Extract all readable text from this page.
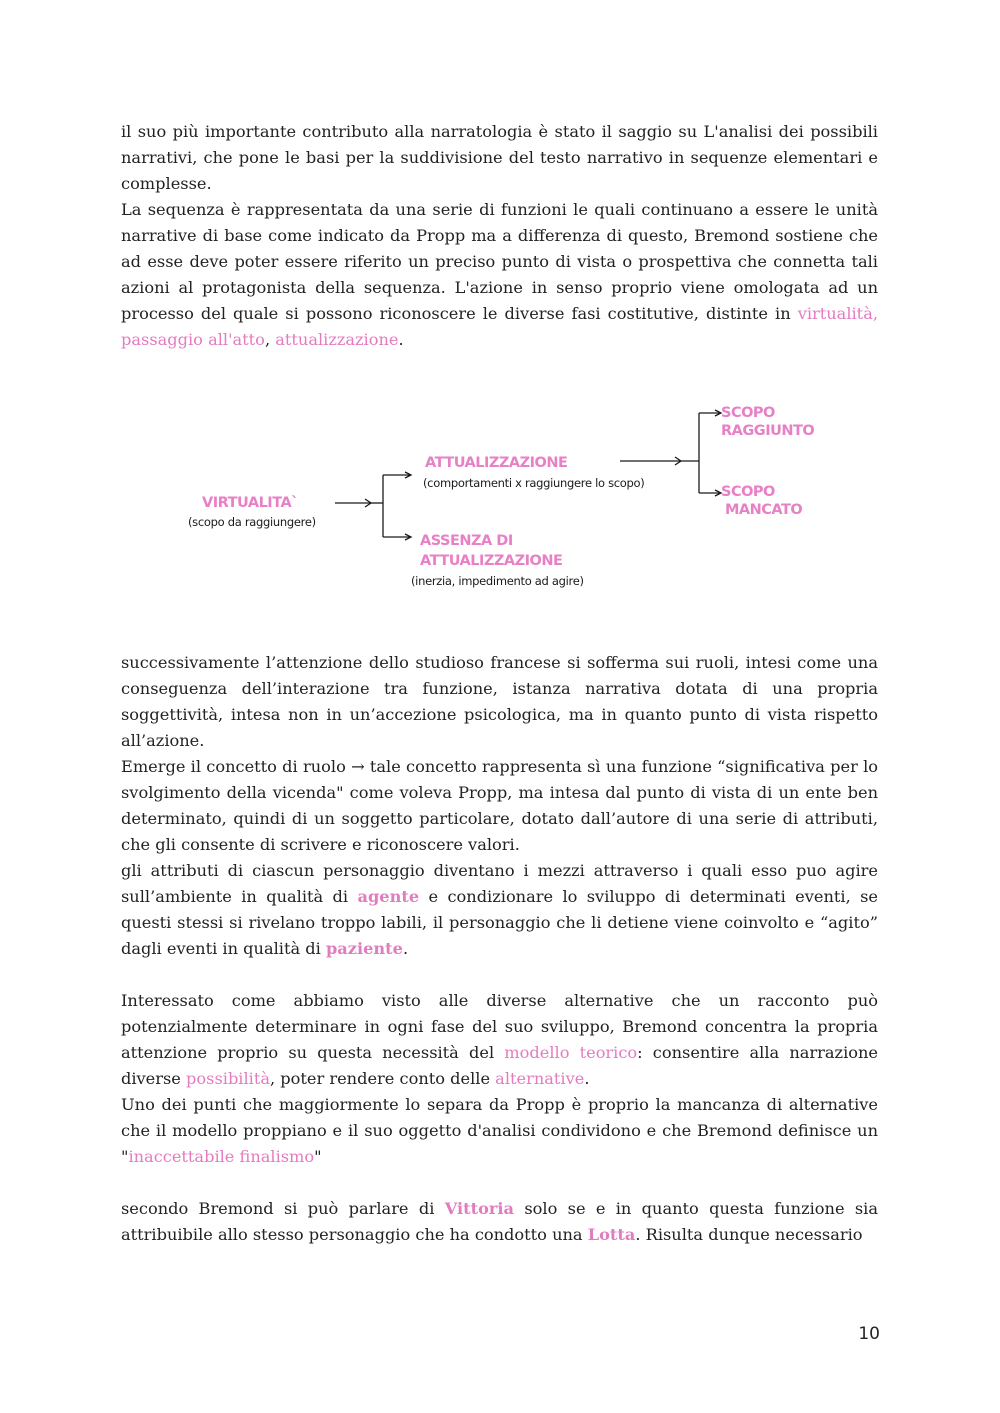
il suo più importante contributo alla narratologia è stato il saggio su L'analisi dei possibili narrativi, che pone le basi per la suddivisione del testo narrativo in sequenze elementari e complesse.

La sequenza è rappresentata da una serie di funzioni le quali continuano a essere le unità narrative di base come indicato da Propp ma a differenza di questo, Bremond sostiene che ad esse deve poter essere riferito un preciso punto di vista o prospettiva che connetta tali azioni al protagonista della sequenza. L'azione in senso proprio viene omologata ad un processo del quale si possono riconoscere le diverse fasi costitutive, distinte in virtualità, passaggio all'atto, attualizzazione.

VIRTUALITA`
(scopo da raggiungere)
ATTUALIZZAZIONE
(comportamenti x raggiungere lo scopo)
ASSENZA DI
ATTUALIZZAZIONE
(inerzia, impedimento ad agire)
SCOPO
RAGGIUNTO
SCOPO
MANCATO

successivamente l’attenzione dello studioso francese si sofferma sui ruoli, intesi come una conseguenza dell’interazione tra funzione, istanza narrativa dotata di una propria soggettività, intesa non in un’accezione psicologica, ma in quanto punto di vista rispetto all’azione.

Emerge il concetto di ruolo → tale concetto rappresenta sì una funzione “significativa per lo svolgimento della vicenda" come voleva Propp, ma intesa dal punto di vista di un ente ben determinato, quindi di un soggetto particolare, dotato dall’autore di una serie di attributi, che gli consente di scrivere e riconoscere valori.

gli attributi di ciascun personaggio diventano i mezzi attraverso i quali esso puo agire sull’ambiente in qualità di agente e condizionare lo sviluppo di determinati eventi, se questi stessi si rivelano troppo labili, il personaggio che li detiene viene coinvolto e “agito” dagli eventi in qualità di paziente.

Interessato come abbiamo visto alle diverse alternative che un racconto può potenzialmente determinare in ogni fase del suo sviluppo, Bremond concentra la propria attenzione proprio su questa necessità del modello teorico: consentire alla narrazione diverse possibilità, poter rendere conto delle alternative.

Uno dei punti che maggiormente lo separa da Propp è proprio la mancanza di alternative che il modello proppiano e il suo oggetto d'analisi condividono e che Bremond definisce un "inaccettabile finalismo"

secondo Bremond si può parlare di Vittoria solo se e in quanto questa funzione sia attribuibile allo stesso personaggio che ha condotto una Lotta. Risulta dunque necessario

10
